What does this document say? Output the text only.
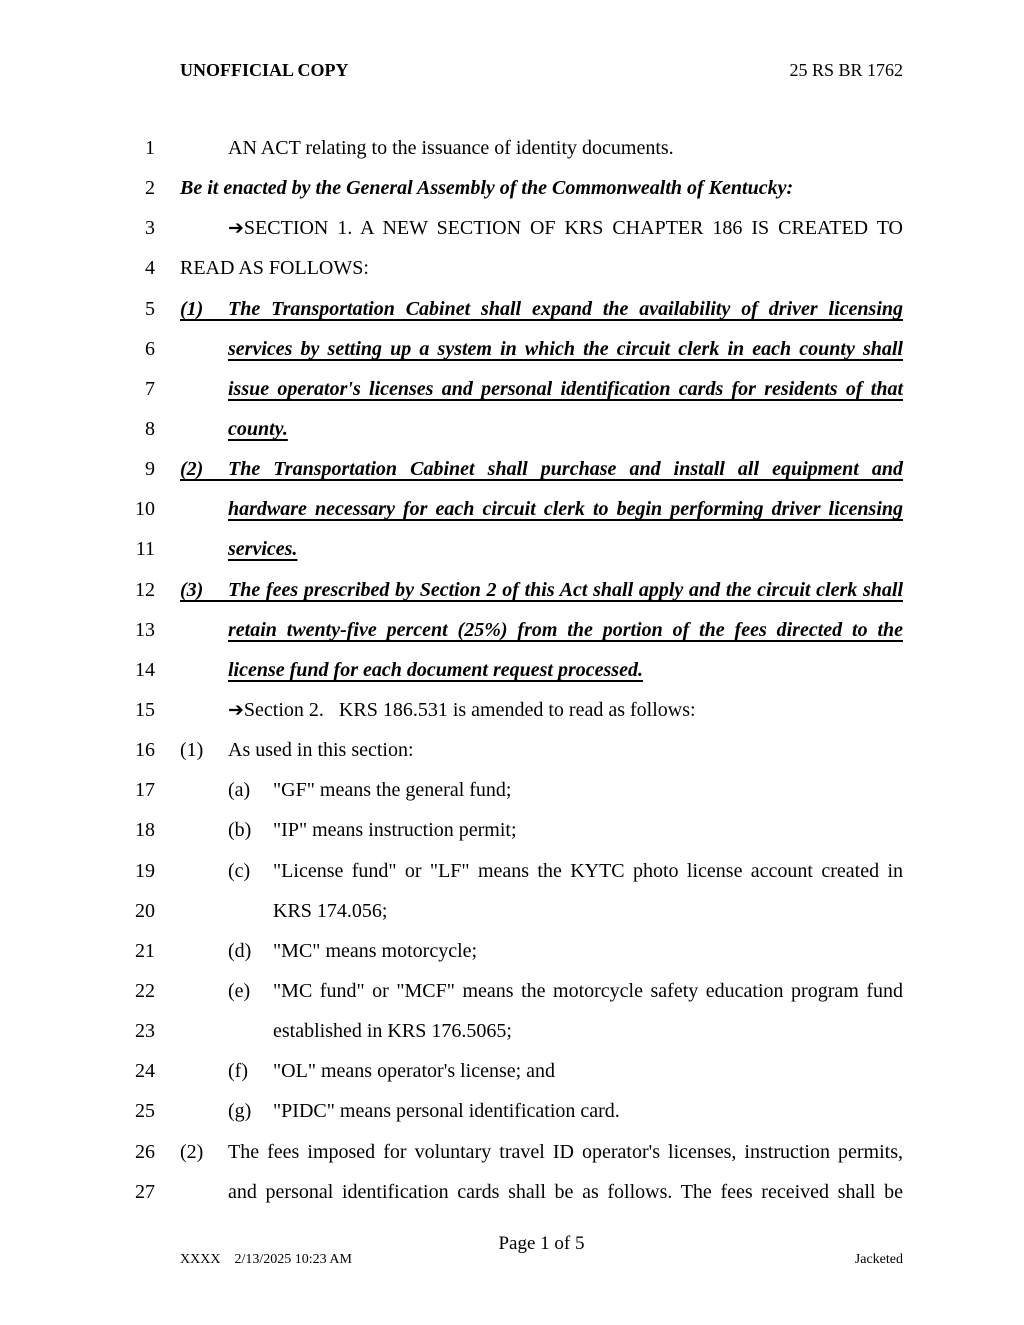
UNOFFICIAL COPY	25 RS BR 1762
1	AN ACT relating to the issuance of identity documents.
2 Be it enacted by the General Assembly of the Commonwealth of Kentucky:
3	➔SECTION 1. A NEW SECTION OF KRS CHAPTER 186 IS CREATED TO
4 READ AS FOLLOWS:
5 (1) The Transportation Cabinet shall expand the availability of driver licensing
6	services by setting up a system in which the circuit clerk in each county shall
7	issue operator's licenses and personal identification cards for residents of that
8	county.
9 (2) The Transportation Cabinet shall purchase and install all equipment and
10	hardware necessary for each circuit clerk to begin performing driver licensing
11	services.
12 (3) The fees prescribed by Section 2 of this Act shall apply and the circuit clerk shall
13	retain twenty-five percent (25%) from the portion of the fees directed to the
14	license fund for each document request processed.
15	➔Section 2.   KRS 186.531 is amended to read as follows:
16 (1) As used in this section:
17	(a) "GF" means the general fund;
18	(b) "IP" means instruction permit;
19	(c) "License fund" or "LF" means the KYTC photo license account created in
20	KRS 174.056;
21	(d) "MC" means motorcycle;
22	(e) "MC fund" or "MCF" means the motorcycle safety education program fund
23	established in KRS 176.5065;
24	(f) "OL" means operator's license; and
25	(g) "PIDC" means personal identification card.
26 (2) The fees imposed for voluntary travel ID operator's licenses, instruction permits,
27	and personal identification cards shall be as follows. The fees received shall be
Page 1 of 5
XXXX 2/13/2025 10:23 AM	Jacketed
